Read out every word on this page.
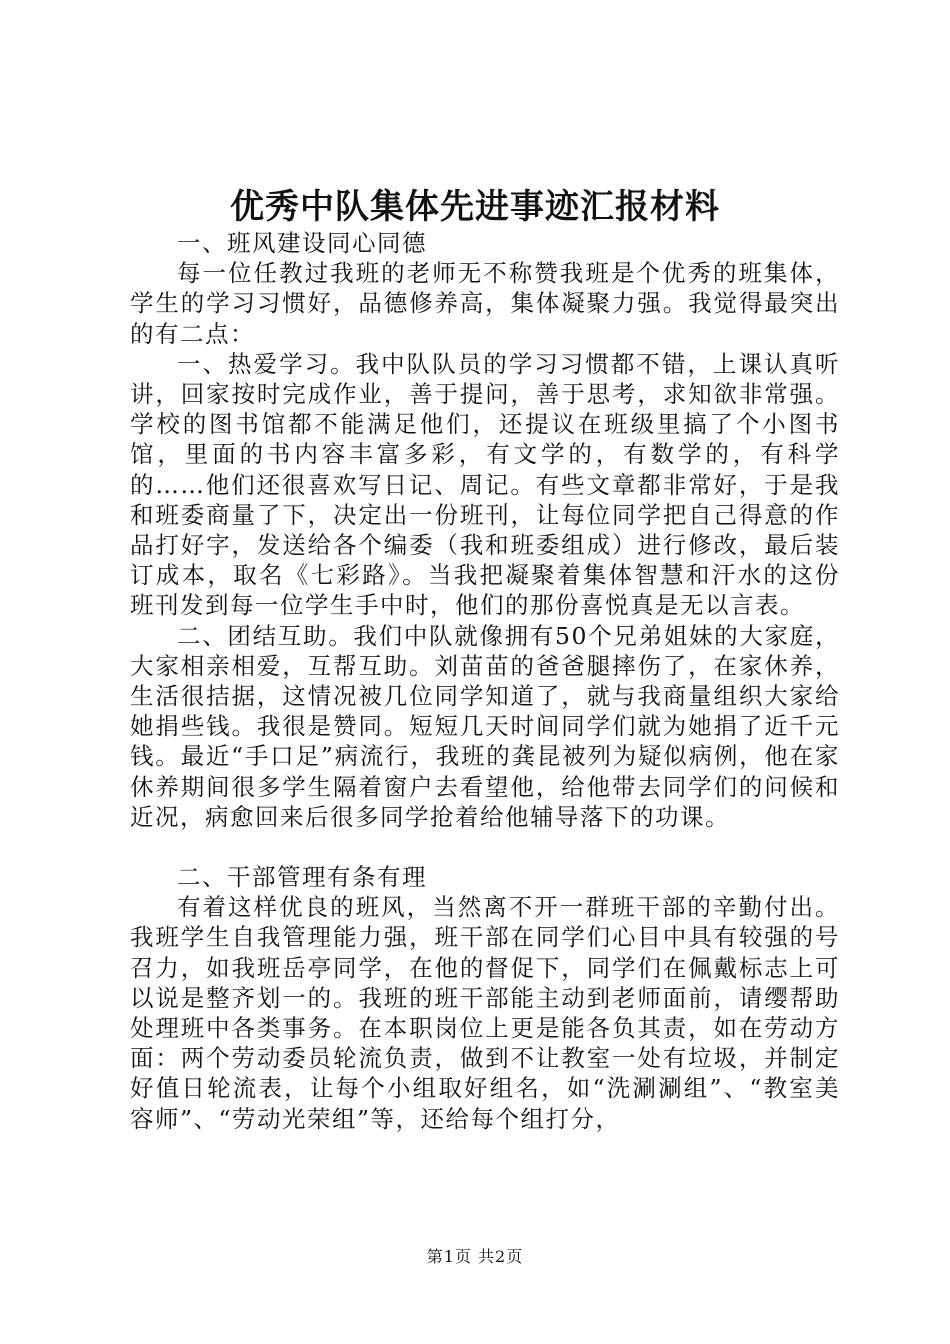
优秀中队集体先进事迹汇报材料

一、班风建设同心同德

每一位任教过我班的老师无不称赞我班是个优秀的班集体，学生的学习习惯好，品德修养高，集体凝聚力强。我觉得最突出的有二点：

一、热爱学习。我中队队员的学习习惯都不错，上课认真听讲，回家按时完成作业，善于提问，善于思考，求知欲非常强。学校的图书馆都不能满足他们，还提议在班级里搞了个小图书馆，里面的书内容丰富多彩，有文学的，有数学的，有科学的……他们还很喜欢写日记、周记。有些文章都非常好，于是我和班委商量了下，决定出一份班刊，让每位同学把自己得意的作品打好字，发送给各个编委（我和班委组成）进行修改，最后装订成本，取名《七彩路》。当我把凝聚着集体智慧和汗水的这份班刊发到每一位学生手中时，他们的那份喜悦真是无以言表。

二、团结互助。我们中队就像拥有50个兄弟姐妹的大家庭，大家相亲相爱，互帮互助。刘苗苗的爸爸腿摔伤了，在家休养，生活很拮据，这情况被几位同学知道了，就与我商量组织大家给她捐些钱。我很是赞同。短短几天时间同学们就为她捐了近千元钱。最近“手口足”病流行，我班的龚昆被列为疑似病例，他在家休养期间很多学生隔着窗户去看望他，给他带去同学们的问候和近况，病愈回来后很多同学抢着给他辅导落下的功课。

二、干部管理有条有理

有着这样优良的班风，当然离不开一群班干部的辛勤付出。我班学生自我管理能力强，班干部在同学们心目中具有较强的号召力，如我班岳亭同学，在他的督促下，同学们在佩戴标志上可以说是整齐划一的。我班的班干部能主动到老师面前，请缨帮助处理班中各类事务。在本职岗位上更是能各负其责，如在劳动方面：两个劳动委员轮流负责，做到不让教室一处有垃圾，并制定好值日轮流表，让每个小组取好组名，如“洗涮涮组”、“教室美容师”、“劳动光荣组”等，还给每个组打分，

第1页 共2页
